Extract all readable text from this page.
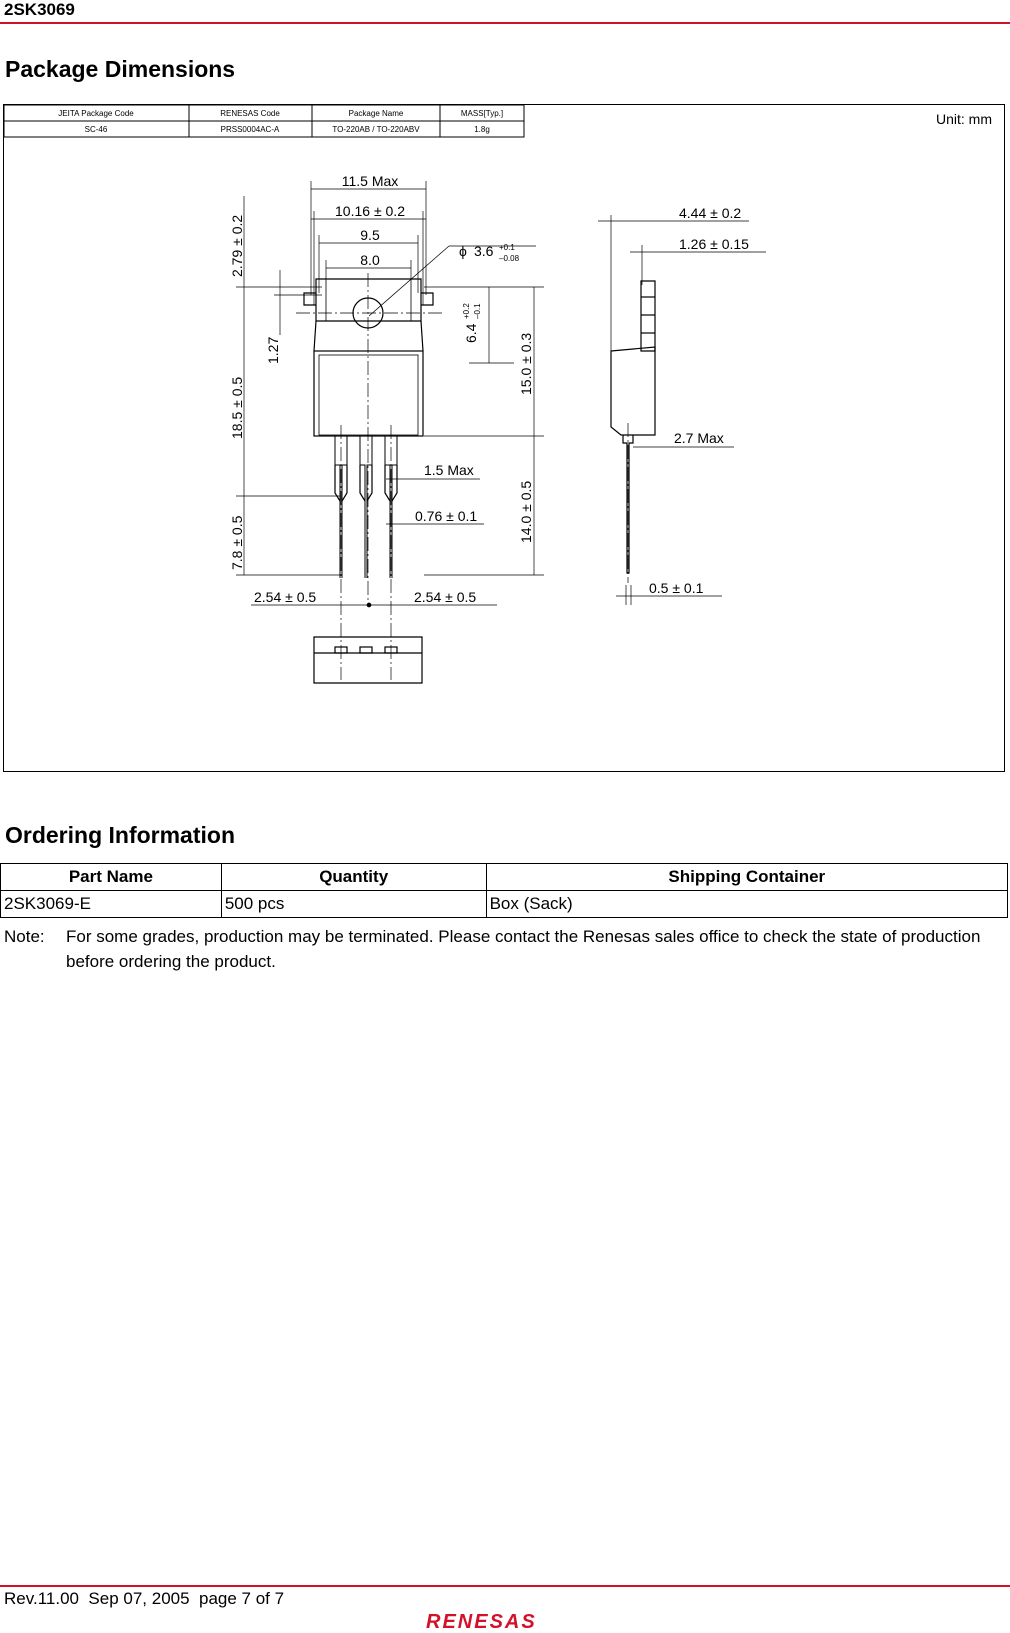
2SK3069
Package Dimensions
JEITA Package Code	RENESAS Code	Package Name	MASS[Typ.]
SC-46	PRSS0004AC-A	TO-220AB / TO-220ABV	1.8g
Unit: mm
11.5 Max
10.16 ± 0.2
9.5
8.0
ϕ 3.6 +0.1
–0.08
6.4
+0.2 –0.1
2.79 ± 0.2
1.27
18.5 ± 0.5
7.8 ± 0.5
15.0 ± 0.3
14.0 ± 0.5
1.5 Max
0.76 ± 0.1
2.54 ± 0.5	2.54 ± 0.5
4.44 ± 0.2
1.26 ± 0.15
2.7 Max
0.5 ± 0.1
Ordering Information
Part Name	Quantity	Shipping Container
2SK3069-E	500 pcs	Box (Sack)
Note: For some grades, production may be terminated. Please contact the Renesas sales office to check the state of production before ordering the product.
Rev.11.00  Sep 07, 2005  page 7 of 7
RENESAS
